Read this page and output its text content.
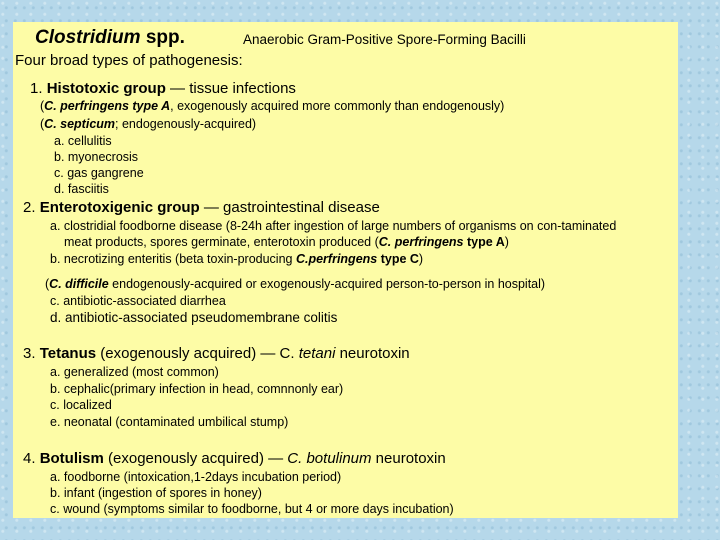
Clostridium spp.	Anaerobic Gram-Positive Spore-Forming Bacilli
Four broad types of pathogenesis:
1. Histotoxic group — tissue infections
(C. perfringens type A, exogenously acquired more commonly than endogenously)
(C. septicum; endogenously-acquired)
a. cellulitis
b. myonecrosis
c. gas gangrene
d. fasciitis
2. Enterotoxigenic group — gastrointestinal disease
a. clostridial foodborne disease (8-24h after ingestion of large numbers of organisms on con-taminated
meat products, spores germinate, enterotoxin produced (C. perfringens type A)
b. necrotizing enteritis (beta toxin-producing C.perfringens type C)
(C. difficile endogenously-acquired or exogenously-acquired person-to-person in hospital)
c. antibiotic-associated diarrhea
d. antibiotic-associated pseudomembrane colitis
3. Tetanus (exogenously acquired) — C. tetani neurotoxin
a. generalized (most common)
b. cephalic(primary infection in head, comnnonly ear)
c. localized
e. neonatal (contaminated umbilical stump)
4. Botulism (exogenously acquired) — C. botulinum neurotoxin
a. foodborne (intoxication,1-2days incubation period)
b. infant (ingestion of spores in honey)
c. wound (symptoms similar to foodborne, but 4 or more days incubation)
